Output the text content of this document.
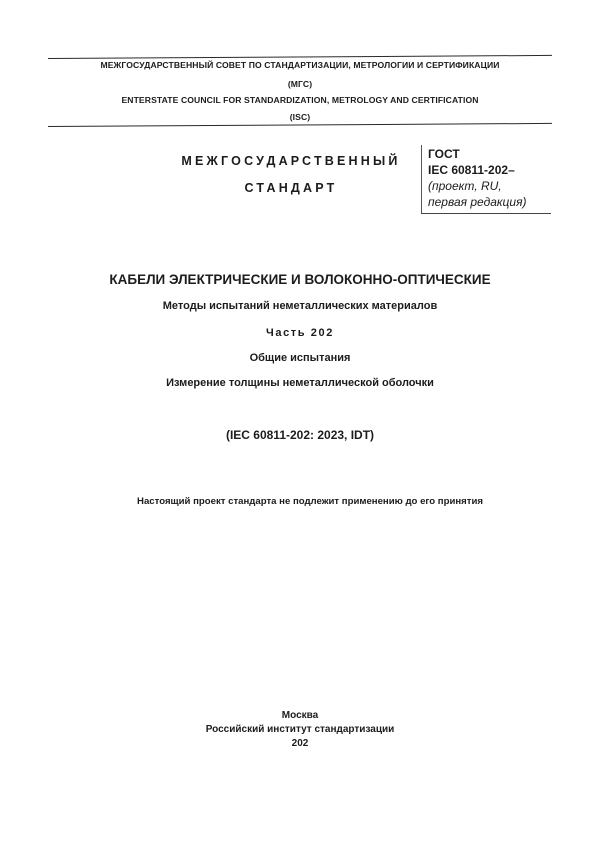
МЕЖГОСУДАРСТВЕННЫЙ СОВЕТ ПО СТАНДАРТИЗАЦИИ, МЕТРОЛОГИИ И СЕРТИФИКАЦИИ
(МГС)
ENTERSTATE COUNCIL FOR STANDARDIZATION, METROLOGY AND CERTIFICATION
(ISC)
МЕЖГОСУДАРСТВЕННЫЙ
СТАНДАРТ
ГОСТ
IEC 60811-202–
(проект, RU,
первая редакция)
КАБЕЛИ ЭЛЕКТРИЧЕСКИЕ И ВОЛОКОННО-ОПТИЧЕСКИЕ
Методы испытаний неметаллических материалов
Часть 202
Общие испытания
Измерение толщины неметаллической оболочки
(IEC 60811-202: 2023, IDT)
Настоящий проект стандарта не подлежит применению до его принятия
Москва
Российский институт стандартизации
202
